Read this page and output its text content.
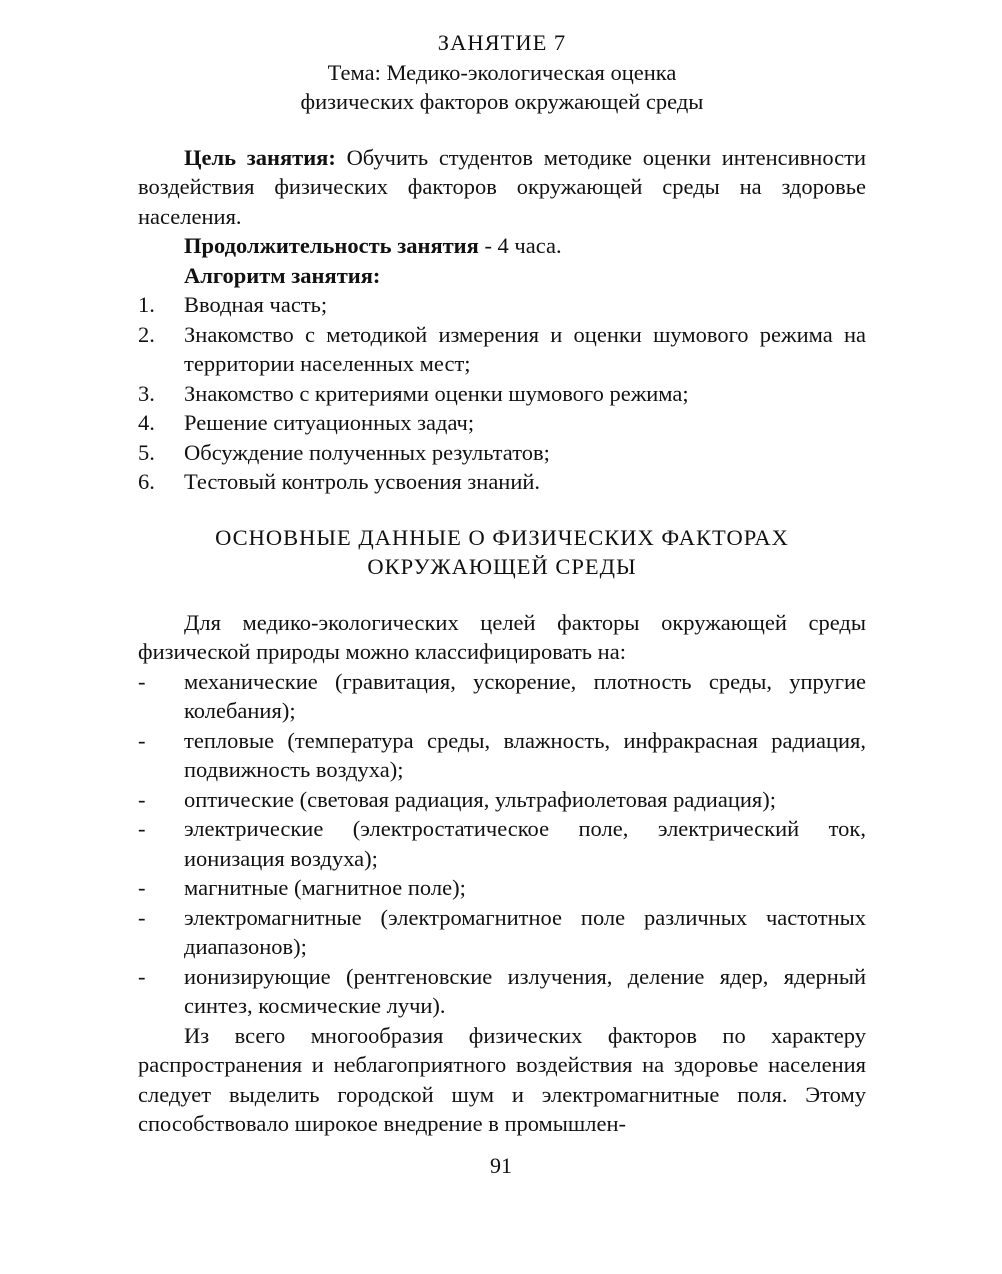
ЗАНЯТИЕ 7
Тема: Медико-экологическая оценка
физических факторов окружающей среды

Цель занятия: Обучить студентов методике оценки интенсивности воздействия физических факторов окружающей среды на здоровье населения.

Продолжительность занятия - 4 часа.

Алгоритм занятия:

1. Вводная часть;
2. Знакомство с методикой измерения и оценки шумового режима на территории населенных мест;
3. Знакомство с критериями оценки шумового режима;
4. Решение ситуационных задач;
5. Обсуждение полученных результатов;
6. Тестовый контроль усвоения знаний.
ОСНОВНЫЕ ДАННЫЕ О ФИЗИЧЕСКИХ ФАКТОРАХ
ОКРУЖАЮЩЕЙ СРЕДЫ

Для медико-экологических целей факторы окружающей среды физической природы можно классифицировать на:

- механические (гравитация, ускорение, плотность среды, упругие колебания);
- тепловые (температура среды, влажность, инфракрасная радиация, подвижность воздуха);
- оптические (световая радиация, ультрафиолетовая радиация);
- электрические (электростатическое поле, электрический ток, ионизация воздуха);
- магнитные (магнитное поле);
- электромагнитные (электромагнитное поле различных частотных диапазонов);
- ионизирующие (рентгеновские излучения, деление ядер, ядерный синтез, космические лучи).

Из всего многообразия физических факторов по характеру распространения и неблагоприятного воздействия на здоровье населения следует выделить городской шум и электромагнитные поля. Этому способствовало широкое внедрение в промышлен-

91
